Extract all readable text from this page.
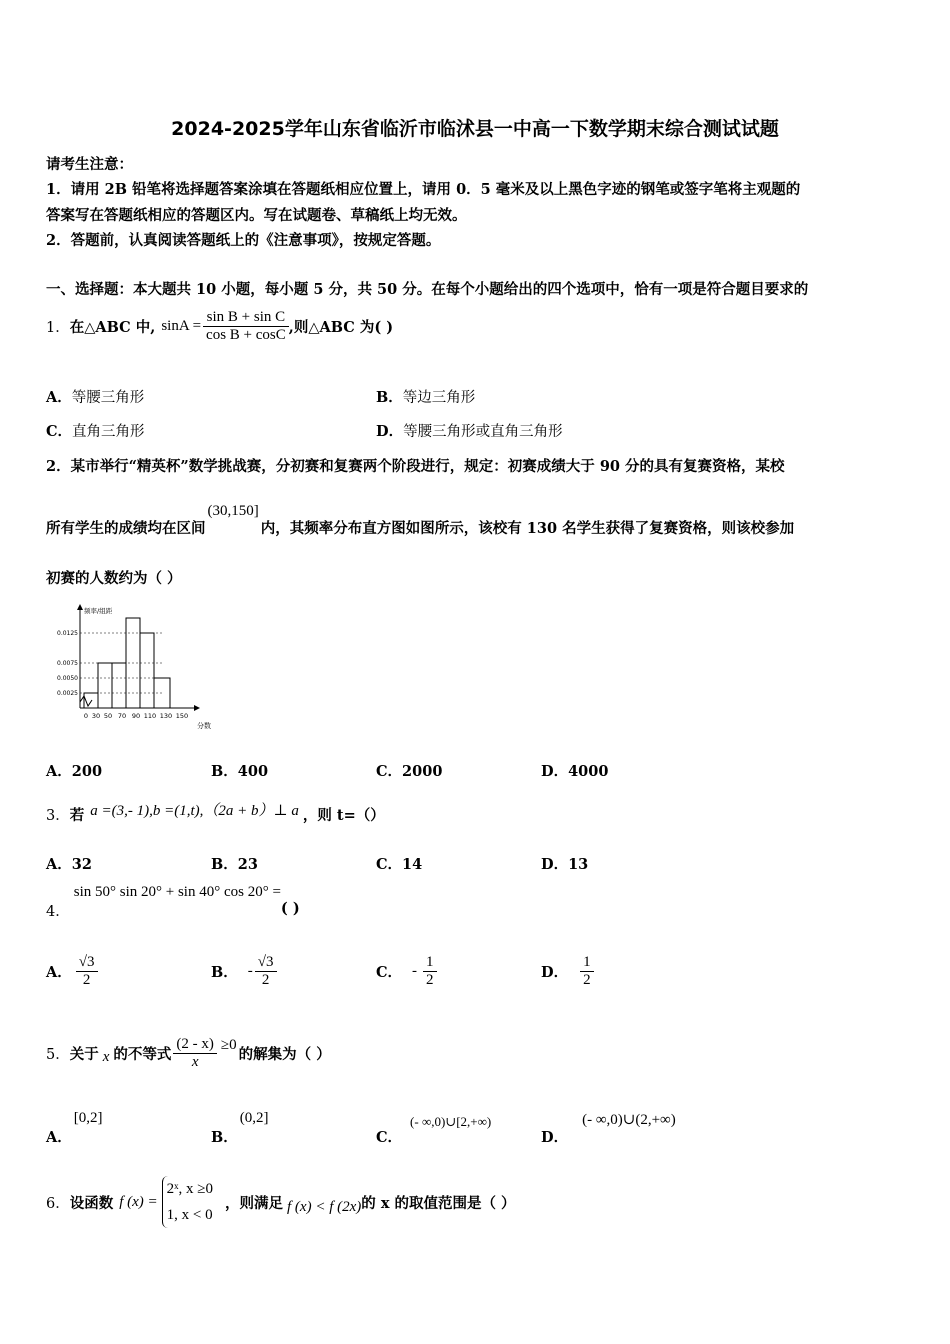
2024-2025学年山东省临沂市临沭县一中高一下数学期末综合测试试题
请考生注意：
1．请用 2B 铅笔将选择题答案涂填在答题纸相应位置上，请用 0．5 毫米及以上黑色字迹的钢笔或签字笔将主观题的
答案写在答题纸相应的答题区内。写在试题卷、草稿纸上均无效。
2．答题前，认真阅读答题纸上的《注意事项》，按规定答题。
一、选择题：本大题共 10 小题，每小题 5 分，共 50 分。在每个小题给出的四个选项中，恰有一项是符合题目要求的
1． 在△ABC 中, $\sin A = \frac{\text{sin B + sin C}}{\text{cos B + cosC}}$ ,则△ABC 为( )
A．等腰三角形	B．等边三角形
C．直角三角形	D．等腰三角形或直角三角形
2．某市举行“精英杯”数学挑战赛，分初赛和复赛两个阶段进行，规定：初赛成绩大于 90 分的具有复赛资格，某校
所有学生的成绩均在区间
(30,150]
内，其频率分布直方图如图所示，该校有 130 名学生获得了复赛资格，则该校参加
初赛的人数约为（ ）
0.0025
0.0050
0.0075
0.0125
0 30 50 70 90 110 130 150
分数
频率/组距
A．200	B．400	C．2000	D．4000
3． 若 a =(3,- 1),b =(1,t),（2a + b）⊥ a ，则 t=（）
A．32	B．23	C．14	D．13
4．
sin 50° sin 20° + sin 40° cos 20° =
( )
A． $\frac{√3}{2}$	B． - $\frac{√3}{2}$	C． - $\frac{1}{2}$	D． $\frac{1}{2}$
5． 关于 x 的不等式 $\frac{(2 - x)}{x} \ge 0$
的解集为（ ）
A．
[0,2]
B．
(0,2]
C．
(- ∞,0)∪[2,+∞)
D．
(- ∞,0)∪(2,+∞)
6． 设函数 f (x) =
2ˣ, x ≥0
1, x < 0
，则满足 f (x) < f (2x) 的 x 的取值范围是（ ）
